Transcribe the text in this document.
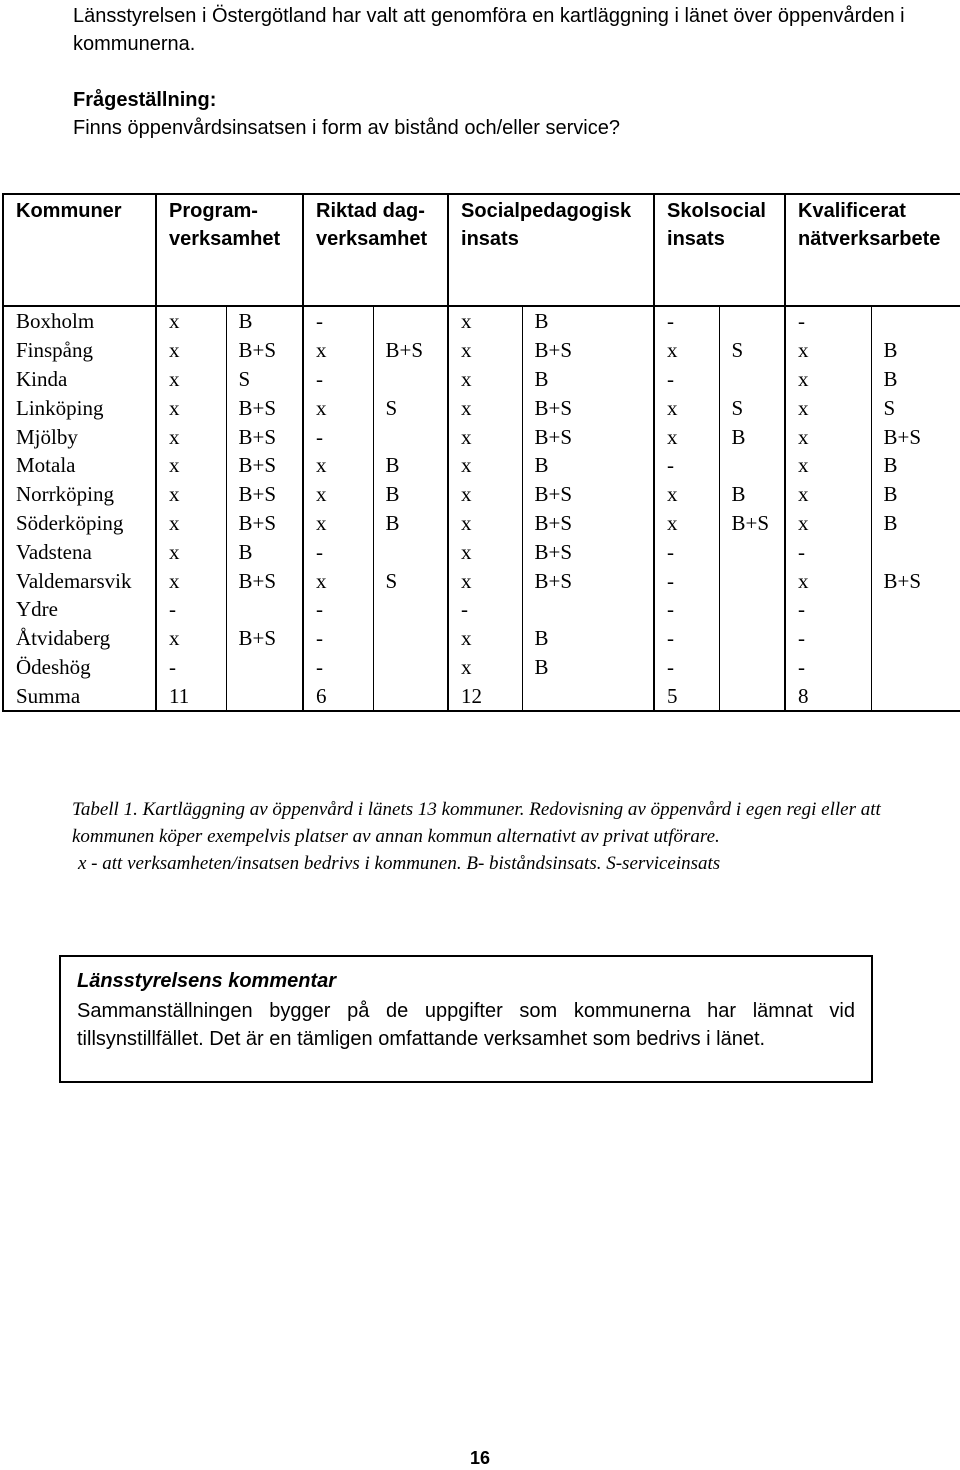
Länsstyrelsen i Östergötland har valt att genomföra en kartläggning i länet över öppenvården i kommunerna.

Frågeställning:

Finns öppenvårdsinsatsen i form av bistånd och/eller service?

Kommuner	Program-verksamhet		Riktad dag-verksamhet		Socialpedagogisk insats		Skolsocial insats		Kvalificerat nätverksarbete	
Boxholm	x	B	-		x	B	-		-	
Finspång	x	B+S	x	B+S	x	B+S	x	S	x	B
Kinda	x	S	-		x	B	-		x	B
Linköping	x	B+S	x	S	x	B+S	x	S	x	S
Mjölby	x	B+S	-		x	B+S	x	B	x	B+S
Motala	x	B+S	x	B	x	B	-		x	B
Norrköping	x	B+S	x	B	x	B+S	x	B	x	B
Söderköping	x	B+S	x	B	x	B+S	x	B+S	x	B
Vadstena	x	B	-		x	B+S	-		-	
Valdemarsvik	x	B+S	x	S	x	B+S	-		x	B+S
Ydre	-		-		-		-		-	
Åtvidaberg	x	B+S	-		x	B	-		-	
Ödeshög	-		-		x	B	-		-	
Summa	11		6		12		5		8	

Tabell 1. Kartläggning av öppenvård i länets 13 kommuner. Redovisning av öppenvård i egen regi eller att kommunen köper exempelvis platser av annan kommun alternativt av privat utförare.

x - att verksamheten/insatsen bedrivs i kommunen. B- biståndsinsats. S-serviceinsats

Länsstyrelsens kommentar
Sammanställningen bygger på de uppgifter som kommunerna har lämnat vid tillsynstillfället. Det är en tämligen omfattande verksamhet som bedrivs i länet.
16
